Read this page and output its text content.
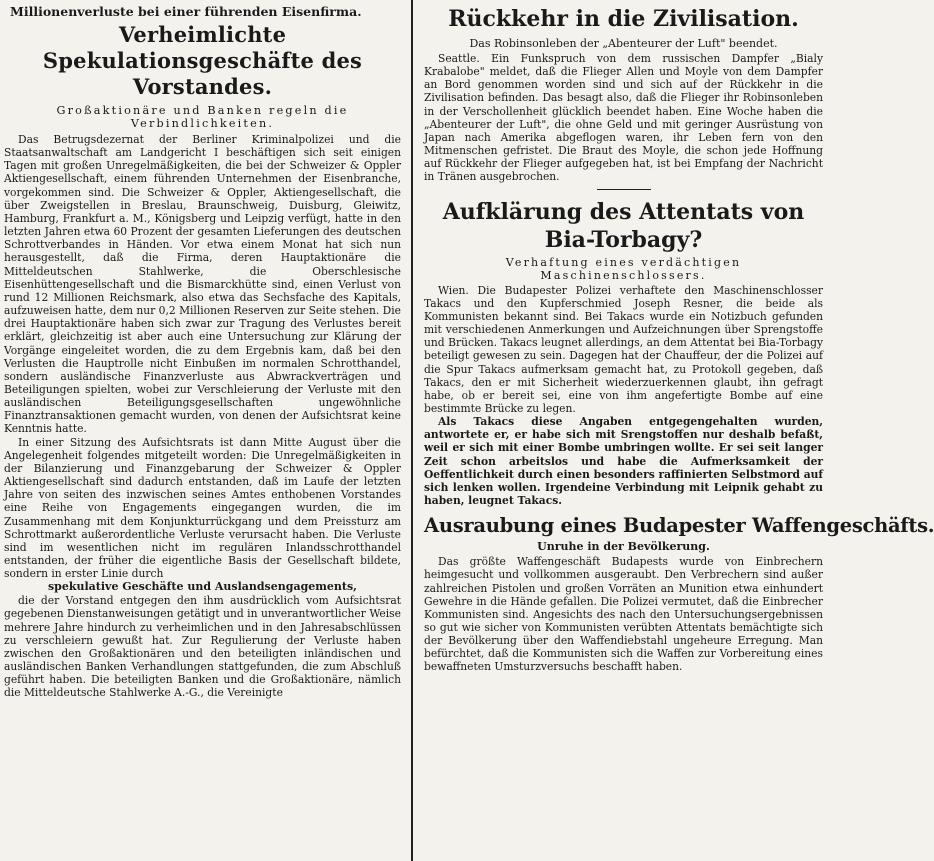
Millionenverluste bei einer führenden Eisenfirma.
Verheimlichte Spekulationsgeschäfte des Vorstandes.
Großaktionäre und Banken regeln die Verbindlichkeiten.

Das Betrugsdezernat der Berliner Kriminalpolizei und die Staatsanwaltschaft am Landgericht I beschäftigen sich seit einigen Tagen mit großen Unregelmäßigkeiten, die bei der Schweizer & Oppler Aktiengesellschaft, einem führenden Unternehmen der Eisenbranche, vorgekommen sind. Die Schweizer & Oppler, Aktiengesellschaft, die über Zweigstellen in Breslau, Braunschweig, Duisburg, Gleiwitz, Hamburg, Frankfurt a. M., Königsberg und Leipzig verfügt, hatte in den letzten Jahren etwa 60 Prozent der gesamten Lieferungen des deutschen Schrottverbandes in Händen. Vor etwa einem Monat hat sich nun herausgestellt, daß die Firma, deren Hauptaktionäre die Mitteldeutschen Stahlwerke, die Oberschlesische Eisenhüttengesellschaft und die Bismarckhütte sind, einen Verlust von rund 12 Millionen Reichsmark, also etwa das Sechsfache des Kapitals, aufzuweisen hatte, dem nur 0,2 Millionen Reserven zur Seite stehen. Die drei Hauptaktionäre haben sich zwar zur Tragung des Verlustes bereit erklärt, gleichzeitig ist aber auch eine Untersuchung zur Klärung der Vorgänge eingeleitet worden, die zu dem Ergebnis kam, daß bei den Verlusten die Hauptrolle nicht Einbußen im normalen Schrotthandel, sondern ausländische Finanzverluste aus Abwrackverträgen und Beteiligungen spielten, wobei zur Verschleierung der Verluste mit den ausländischen Beteiligungsgesellschaften ungewöhnliche Finanztransaktionen gemacht wurden, von denen der Aufsichtsrat keine Kenntnis hatte.

In einer Sitzung des Aufsichtsrats ist dann Mitte August über die Angelegenheit folgendes mitgeteilt worden: Die Unregelmäßigkeiten in der Bilanzierung und Finanzgebarung der Schweizer & Oppler Aktiengesellschaft sind dadurch entstanden, daß im Laufe der letzten Jahre von seiten des inzwischen seines Amtes enthobenen Vorstandes eine Reihe von Engagements eingegangen wurden, die im Zusammenhang mit dem Konjunkturrückgang und dem Preissturz am Schrottmarkt außerordentliche Verluste verursacht haben. Die Verluste sind im wesentlichen nicht im regulären Inlandsschrotthandel entstanden, der früher die eigentliche Basis der Gesellschaft bildete, sondern in erster Linie durch

spekulative Geschäfte und Auslandsengagements,

die der Vorstand entgegen den ihm ausdrücklich vom Aufsichtsrat gegebenen Dienstanweisungen getätigt und in unverantwortlicher Weise mehrere Jahre hindurch zu verheimlichen und in den Jahresabschlüssen zu verschleiern gewußt hat. Zur Regulierung der Verluste haben zwischen den Großaktionären und den beteiligten inländischen und ausländischen Banken Verhandlungen stattgefunden, die zum Abschluß geführt haben. Die beteiligten Banken und die Großaktionäre, nämlich die Mitteldeutsche Stahlwerke A.-G., die Vereinigte

Rückkehr in die Zivilisation.
Das Robinsonleben der „Abenteurer der Luft" beendet.

Seattle. Ein Funkspruch von dem russischen Dampfer „Bialy Krabalobe" meldet, daß die Flieger Allen und Moyle von dem Dampfer an Bord genommen worden sind und sich auf der Rückkehr in die Zivilisation befinden. Das besagt also, daß die Flieger ihr Robinsonleben in der Verschollenheit glücklich beendet haben. Eine Woche haben die „Abenteurer der Luft", die ohne Geld und mit geringer Ausrüstung von Japan nach Amerika abgeflogen waren, ihr Leben fern von den Mitmenschen gefristet. Die Braut des Moyle, die schon jede Hoffnung auf Rückkehr der Flieger aufgegeben hat, ist bei Empfang der Nachricht in Tränen ausgebrochen.

Aufklärung des Attentats von Bia-Torbagy?
Verhaftung eines verdächtigen Maschinenschlossers.

Wien. Die Budapester Polizei verhaftete den Maschinenschlosser Takacs und den Kupferschmied Joseph Resner, die beide als Kommunisten bekannt sind. Bei Takacs wurde ein Notizbuch gefunden mit verschiedenen Anmerkungen und Aufzeichnungen über Sprengstoffe und Brücken. Takacs leugnet allerdings, an dem Attentat bei Bia-Torbagy beteiligt gewesen zu sein. Dagegen hat der Chauffeur, der die Polizei auf die Spur Takacs aufmerksam gemacht hat, zu Protokoll gegeben, daß Takacs, den er mit Sicherheit wiederzuerkennen glaubt, ihn gefragt habe, ob er bereit sei, eine von ihm angefertigte Bombe auf eine bestimmte Brücke zu legen.

Als Takacs diese Angaben entgegengehalten wurden, antwortete er, er habe sich mit Srengstoffen nur deshalb befaßt, weil er sich mit einer Bombe umbringen wollte. Er sei seit langer Zeit schon arbeitslos und habe die Aufmerksamkeit der Oeffentlichkeit durch einen besonders raffinierten Selbstmord auf sich lenken wollen. Irgendeine Verbindung mit Leipnik gehabt zu haben, leugnet Takacs.

Ausraubung eines Budapester Waffengeschäfts.
Unruhe in der Bevölkerung.

Das größte Waffengeschäft Budapests wurde von Einbrechern heimgesucht und vollkommen ausgeraubt. Den Verbrechern sind außer zahlreichen Pistolen und großen Vorräten an Munition etwa einhundert Gewehre in die Hände gefallen. Die Polizei vermutet, daß die Einbrecher Kommunisten sind. Angesichts des nach den Untersuchungsergebnissen so gut wie sicher von Kommunisten verübten Attentats bemächtigte sich der Bevölkerung über den Waffendiebstahl ungeheure Erregung. Man befürchtet, daß die Kommunisten sich die Waffen zur Vorbereitung eines bewaffneten Umsturzversuchs beschafft haben.
